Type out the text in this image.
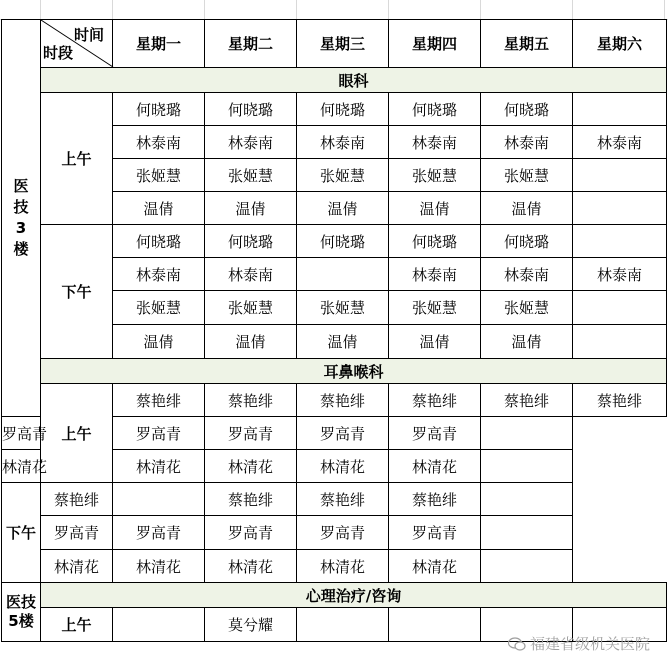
医技3楼	时间
时段	星期一	星期二	星期三	星期四	星期五	星期六
	眼科						
	上午	何晓璐	何晓璐	何晓璐	何晓璐	何晓璐	
		林泰南	林泰南	林泰南	林泰南	林泰南	林泰南
		张姬慧	张姬慧	张姬慧	张姬慧	张姬慧	
		温倩	温倩	温倩	温倩	温倩	
	下午	何晓璐	何晓璐	何晓璐	何晓璐	何晓璐	
		林泰南	林泰南		林泰南	林泰南	林泰南
		张姬慧	张姬慧	张姬慧	张姬慧	张姬慧	
		温倩	温倩	温倩	温倩	温倩	
	耳鼻喉科						
	上午	蔡艳绯	蔡艳绯	蔡艳绯	蔡艳绯	蔡艳绯	蔡艳绯
罗高青		罗高青	罗高青	罗高青	罗高青		
林清花		林清花	林清花	林清花	林清花		
下午	蔡艳绯		蔡艳绯	蔡艳绯	蔡艳绯		
	罗高青	罗高青	罗高青	罗高青	罗高青		
	林清花	林清花	林清花	林清花	林清花		

医技5楼	心理治疗/咨询						
	上午		莫兮耀				
福建省级机关医院
